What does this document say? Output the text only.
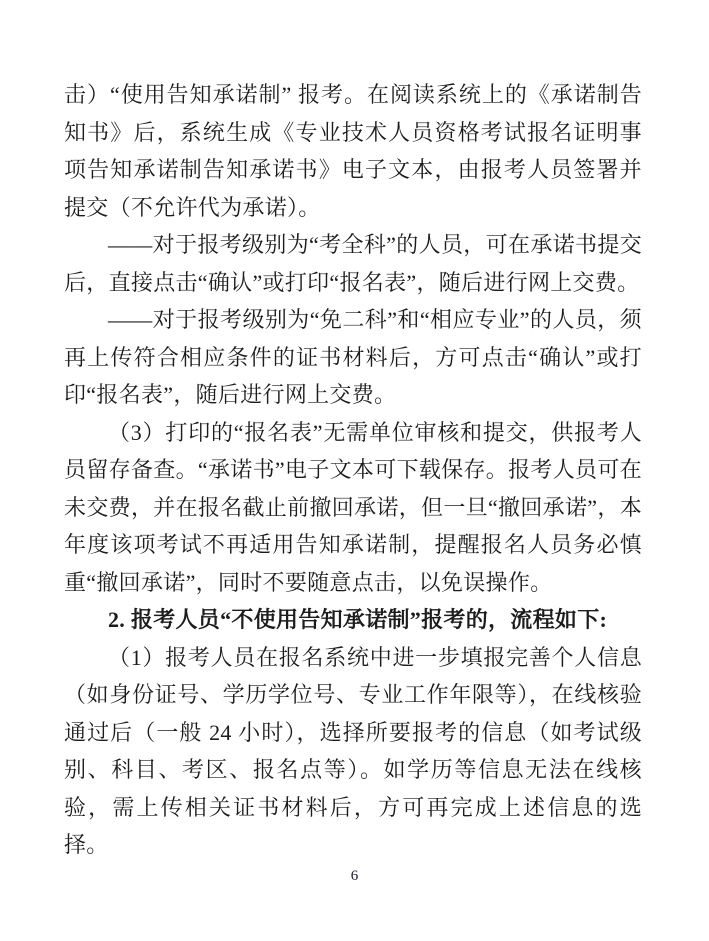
击）“使用告知承诺制” 报考。在阅读系统上的《承诺制告知书》后，系统生成《专业技术人员资格考试报名证明事项告知承诺制告知承诺书》电子文本，由报考人员签署并提交（不允许代为承诺）。

——对于报考级别为“考全科”的人员，可在承诺书提交后，直接点击“确认”或打印“报名表”，随后进行网上交费。

——对于报考级别为“免二科”和“相应专业”的人员，须再上传符合相应条件的证书材料后，方可点击“确认”或打印“报名表”，随后进行网上交费。

（3）打印的“报名表”无需单位审核和提交，供报考人员留存备查。“承诺书”电子文本可下载保存。报考人员可在未交费，并在报名截止前撤回承诺，但一旦“撤回承诺”，本年度该项考试不再适用告知承诺制，提醒报名人员务必慎重“撤回承诺”，同时不要随意点击，以免误操作。

2. 报考人员“不使用告知承诺制”报考的，流程如下:

（1）报考人员在报名系统中进一步填报完善个人信息（如身份证号、学历学位号、专业工作年限等），在线核验通过后（一般 24 小时），选择所要报考的信息（如考试级别、科目、考区、报名点等）。如学历等信息无法在线核验，需上传相关证书材料后，方可再完成上述信息的选择。

6
